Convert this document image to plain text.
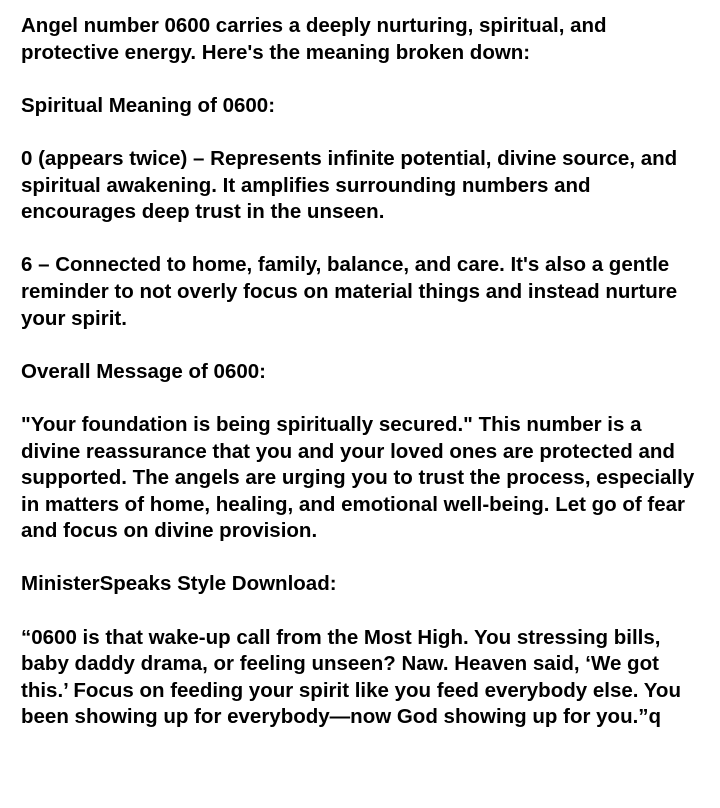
Angel number 0600 carries a deeply nurturing, spiritual, and protective energy. Here's the meaning broken down:

Spiritual Meaning of 0600:

0 (appears twice) – Represents infinite potential, divine source, and spiritual awakening. It amplifies surrounding numbers and encourages deep trust in the unseen.

6 – Connected to home, family, balance, and care. It's also a gentle reminder to not overly focus on material things and instead nurture your spirit.

Overall Message of 0600:

"Your foundation is being spiritually secured." This number is a divine reassurance that you and your loved ones are protected and supported. The angels are urging you to trust the process, especially in matters of home, healing, and emotional well-being. Let go of fear and focus on divine provision.

MinisterSpeaks Style Download:

“0600 is that wake-up call from the Most High. You stressing bills, baby daddy drama, or feeling unseen? Naw. Heaven said, ‘We got this.’ Focus on feeding your spirit like you feed everybody else. You been showing up for everybody—now God showing up for you.”q
